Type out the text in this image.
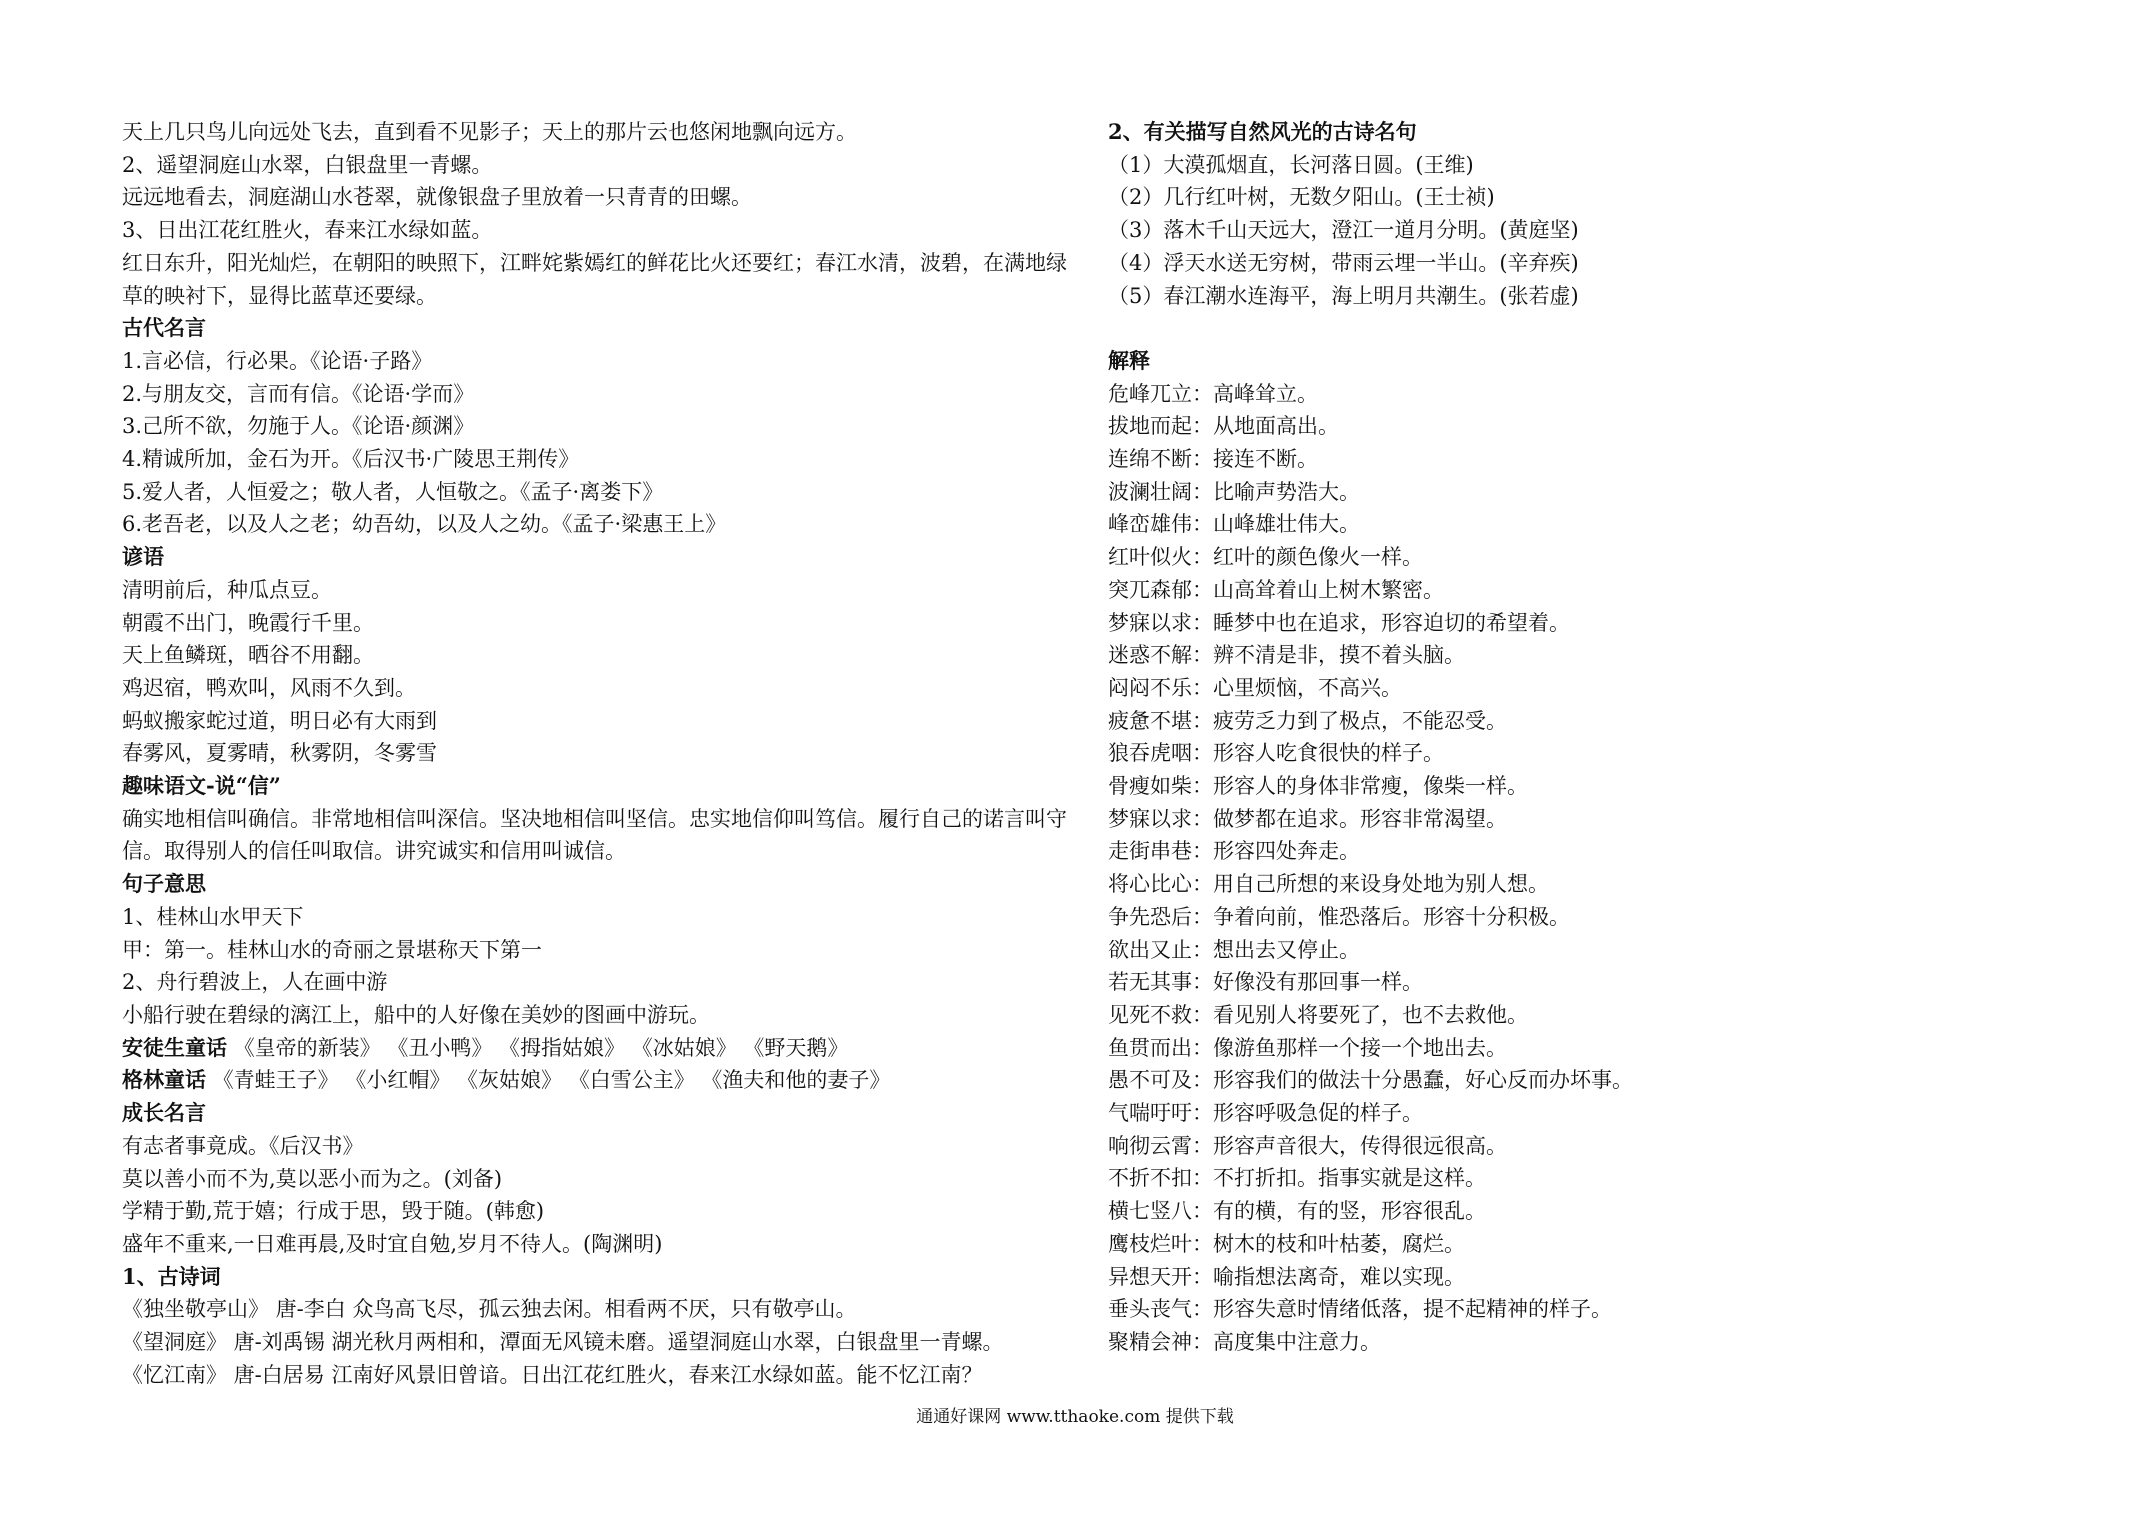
天上几只鸟儿向远处飞去，直到看不见影子；天上的那片云也悠闲地飘向远方。
2、遥望洞庭山水翠，白银盘里一青螺。
远远地看去，洞庭湖山水苍翠，就像银盘子里放着一只青青的田螺。
3、日出江花红胜火，春来江水绿如蓝。
红日东升，阳光灿烂，在朝阳的映照下，江畔姹紫嫣红的鲜花比火还要红；春江水清，波碧，在满地绿草的映衬下，显得比蓝草还要绿。
古代名言
1.言必信，行必果。《论语·子路》
2.与朋友交，言而有信。《论语·学而》
3.己所不欲，勿施于人。《论语·颜渊》
4.精诚所加，金石为开。《后汉书·广陵思王荆传》
5.爱人者，人恒爱之；敬人者，人恒敬之。《孟子·离娄下》
6.老吾老，以及人之老；幼吾幼，以及人之幼。《孟子·梁惠王上》
谚语
清明前后，种瓜点豆。
朝霞不出门，晚霞行千里。
天上鱼鳞斑，晒谷不用翻。
鸡迟宿，鸭欢叫，风雨不久到。
蚂蚁搬家蛇过道，明日必有大雨到
春雾风，夏雾晴，秋雾阴，冬雾雪
趣味语文-说“信”
确实地相信叫确信。非常地相信叫深信。坚决地相信叫坚信。忠实地信仰叫笃信。履行自己的诺言叫守信。取得别人的信任叫取信。讲究诚实和信用叫诚信。
句子意思
1、桂林山水甲天下
甲：第一。桂林山水的奇丽之景堪称天下第一
2、舟行碧波上，人在画中游
小船行驶在碧绿的漓江上，船中的人好像在美妙的图画中游玩。
安徒生童话 《皇帝的新装》 《丑小鸭》 《拇指姑娘》 《冰姑娘》 《野天鹅》
格林童话 《青蛙王子》 《小红帽》 《灰姑娘》 《白雪公主》 《渔夫和他的妻子》
成长名言
有志者事竟成。《后汉书》
莫以善小而不为,莫以恶小而为之。(刘备)
学精于勤,荒于嬉；行成于思，毁于随。(韩愈)
盛年不重来,一日难再晨,及时宜自勉,岁月不待人。(陶渊明)
1、古诗词
《独坐敬亭山》 唐-李白 众鸟高飞尽，孤云独去闲。相看两不厌，只有敬亭山。
《望洞庭》 唐-刘禹锡 湖光秋月两相和，潭面无风镜未磨。遥望洞庭山水翠，白银盘里一青螺。
《忆江南》 唐-白居易 江南好风景旧曾谙。日出江花红胜火，春来江水绿如蓝。能不忆江南？
2、有关描写自然风光的古诗名句
（1）大漠孤烟直，长河落日圆。(王维)
（2）几行红叶树，无数夕阳山。(王士祯)
（3）落木千山天远大，澄江一道月分明。(黄庭坚)
（4）浮天水送无穷树，带雨云埋一半山。(辛弃疾)
（5）春江潮水连海平，海上明月共潮生。(张若虚)
解释
危峰兀立：高峰耸立。
拔地而起：从地面高出。
连绵不断：接连不断。
波澜壮阔：比喻声势浩大。
峰峦雄伟：山峰雄壮伟大。
红叶似火：红叶的颜色像火一样。
突兀森郁：山高耸着山上树木繁密。
梦寐以求：睡梦中也在追求，形容迫切的希望着。
迷惑不解：辨不清是非，摸不着头脑。
闷闷不乐：心里烦恼，不高兴。
疲惫不堪：疲劳乏力到了极点，不能忍受。
狼吞虎咽：形容人吃食很快的样子。
骨瘦如柴：形容人的身体非常瘦，像柴一样。
梦寐以求：做梦都在追求。形容非常渴望。
走街串巷：形容四处奔走。
将心比心：用自己所想的来设身处地为别人想。
争先恐后：争着向前，惟恐落后。形容十分积极。
欲出又止：想出去又停止。
若无其事：好像没有那回事一样。
见死不救：看见别人将要死了，也不去救他。
鱼贯而出：像游鱼那样一个接一个地出去。
愚不可及：形容我们的做法十分愚蠢，好心反而办坏事。
气喘吁吁：形容呼吸急促的样子。
响彻云霄：形容声音很大，传得很远很高。
不折不扣：不打折扣。指事实就是这样。
横七竖八：有的横，有的竖，形容很乱。
鹰枝烂叶：树木的枝和叶枯萎，腐烂。
异想天开：喻指想法离奇，难以实现。
垂头丧气：形容失意时情绪低落，提不起精神的样子。
聚精会神：高度集中注意力。
通通好课网 www.tthaoke.com 提供下载
